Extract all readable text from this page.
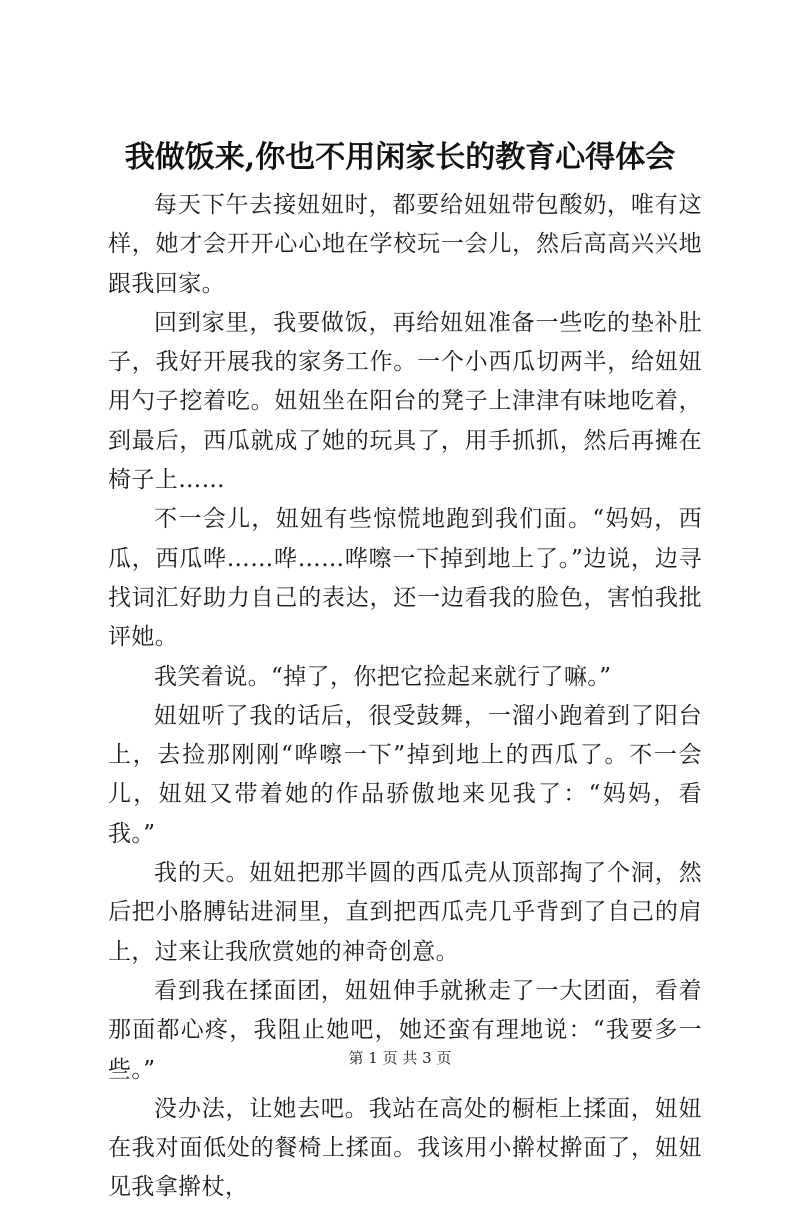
我做饭来,你也不用闲家长的教育心得体会

每天下午去接妞妞时，都要给妞妞带包酸奶，唯有这样，她才会开开心心地在学校玩一会儿，然后高高兴兴地跟我回家。

回到家里，我要做饭，再给妞妞准备一些吃的垫补肚子，我好开展我的家务工作。一个小西瓜切两半，给妞妞用勺子挖着吃。妞妞坐在阳台的凳子上津津有味地吃着，到最后，西瓜就成了她的玩具了，用手抓抓，然后再摊在椅子上……

不一会儿，妞妞有些惊慌地跑到我们面。“妈妈，西瓜，西瓜哗……哗……哗嚓一下掉到地上了。”边说，边寻找词汇好助力自己的表达，还一边看我的脸色，害怕我批评她。

我笑着说。“掉了，你把它捡起来就行了嘛。”

妞妞听了我的话后，很受鼓舞，一溜小跑着到了阳台上，去捡那刚刚“哗嚓一下”掉到地上的西瓜了。不一会儿，妞妞又带着她的作品骄傲地来见我了：“妈妈，看我。”

我的天。妞妞把那半圆的西瓜壳从顶部掏了个洞，然后把小胳膊钻进洞里，直到把西瓜壳几乎背到了自己的肩上，过来让我欣赏她的神奇创意。

看到我在揉面团，妞妞伸手就揪走了一大团面，看着那面都心疼，我阻止她吧，她还蛮有理地说：“我要多一些。”

没办法，让她去吧。我站在高处的橱柜上揉面，妞妞在我对面低处的餐椅上揉面。我该用小擀杖擀面了，妞妞见我拿擀杖，

第 1 页 共 3 页
